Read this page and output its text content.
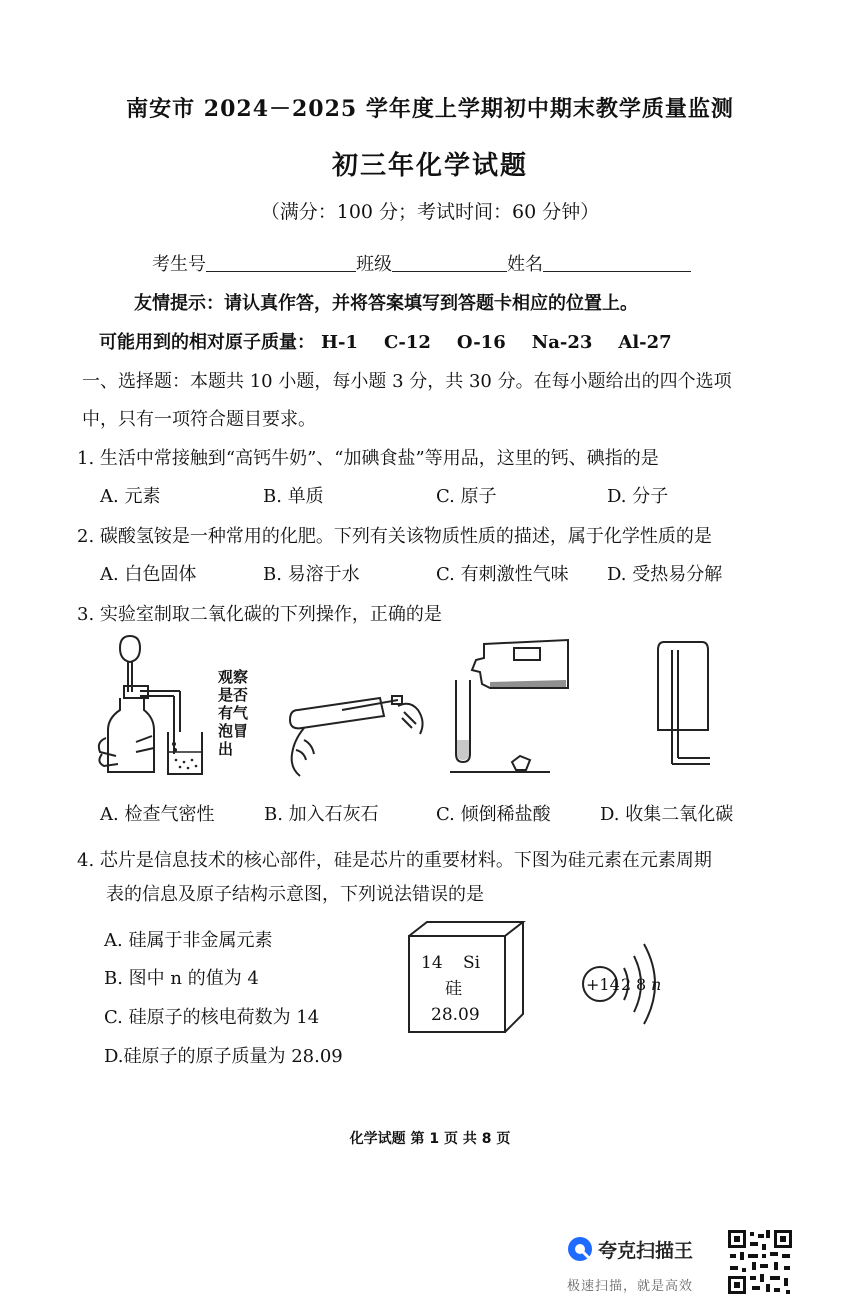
南安市 2024－2025 学年度上学期初中期末教学质量监测
初三年化学试题
（满分：100 分；考试时间：60 分钟）
考生号	班级	姓名
友情提示：请认真作答，并将答案填写到答题卡相应的位置上。
可能用到的相对原子质量： H-1 C-12 O-16 Na-23 Al-27
一、选择题：本题共 10 小题，每小题 3 分，共 30 分。在每小题给出的四个选项
中，只有一项符合题目要求。
1. 生活中常接触到“高钙牛奶”、“加碘食盐”等用品，这里的钙、碘指的是
A. 元素	B. 单质	C. 原子	D. 分子
2. 碳酸氢铵是一种常用的化肥。下列有关该物质性质的描述，属于化学性质的是
A. 白色固体	B. 易溶于水	C. 有刺激性气味 D. 受热易分解
3. 实验室制取二氧化碳的下列操作，正确的是
观察
是否
有气
泡冒
出
A. 检查气密性	B. 加入石灰石	C. 倾倒稀盐酸	D. 收集二氧化碳
4. 芯片是信息技术的核心部件，硅是芯片的重要材料。下图为硅元素在元素周期
表的信息及原子结构示意图，下列说法错误的是
A. 硅属于非金属元素
B. 图中 n 的值为 4
C. 硅原子的核电荷数为 14
D.硅原子的原子质量为 28.09
14 Si
硅
28.09
+14 2 8 n
化学试题 第 1 页 共 8 页
夸克扫描王
极速扫描，就是高效
